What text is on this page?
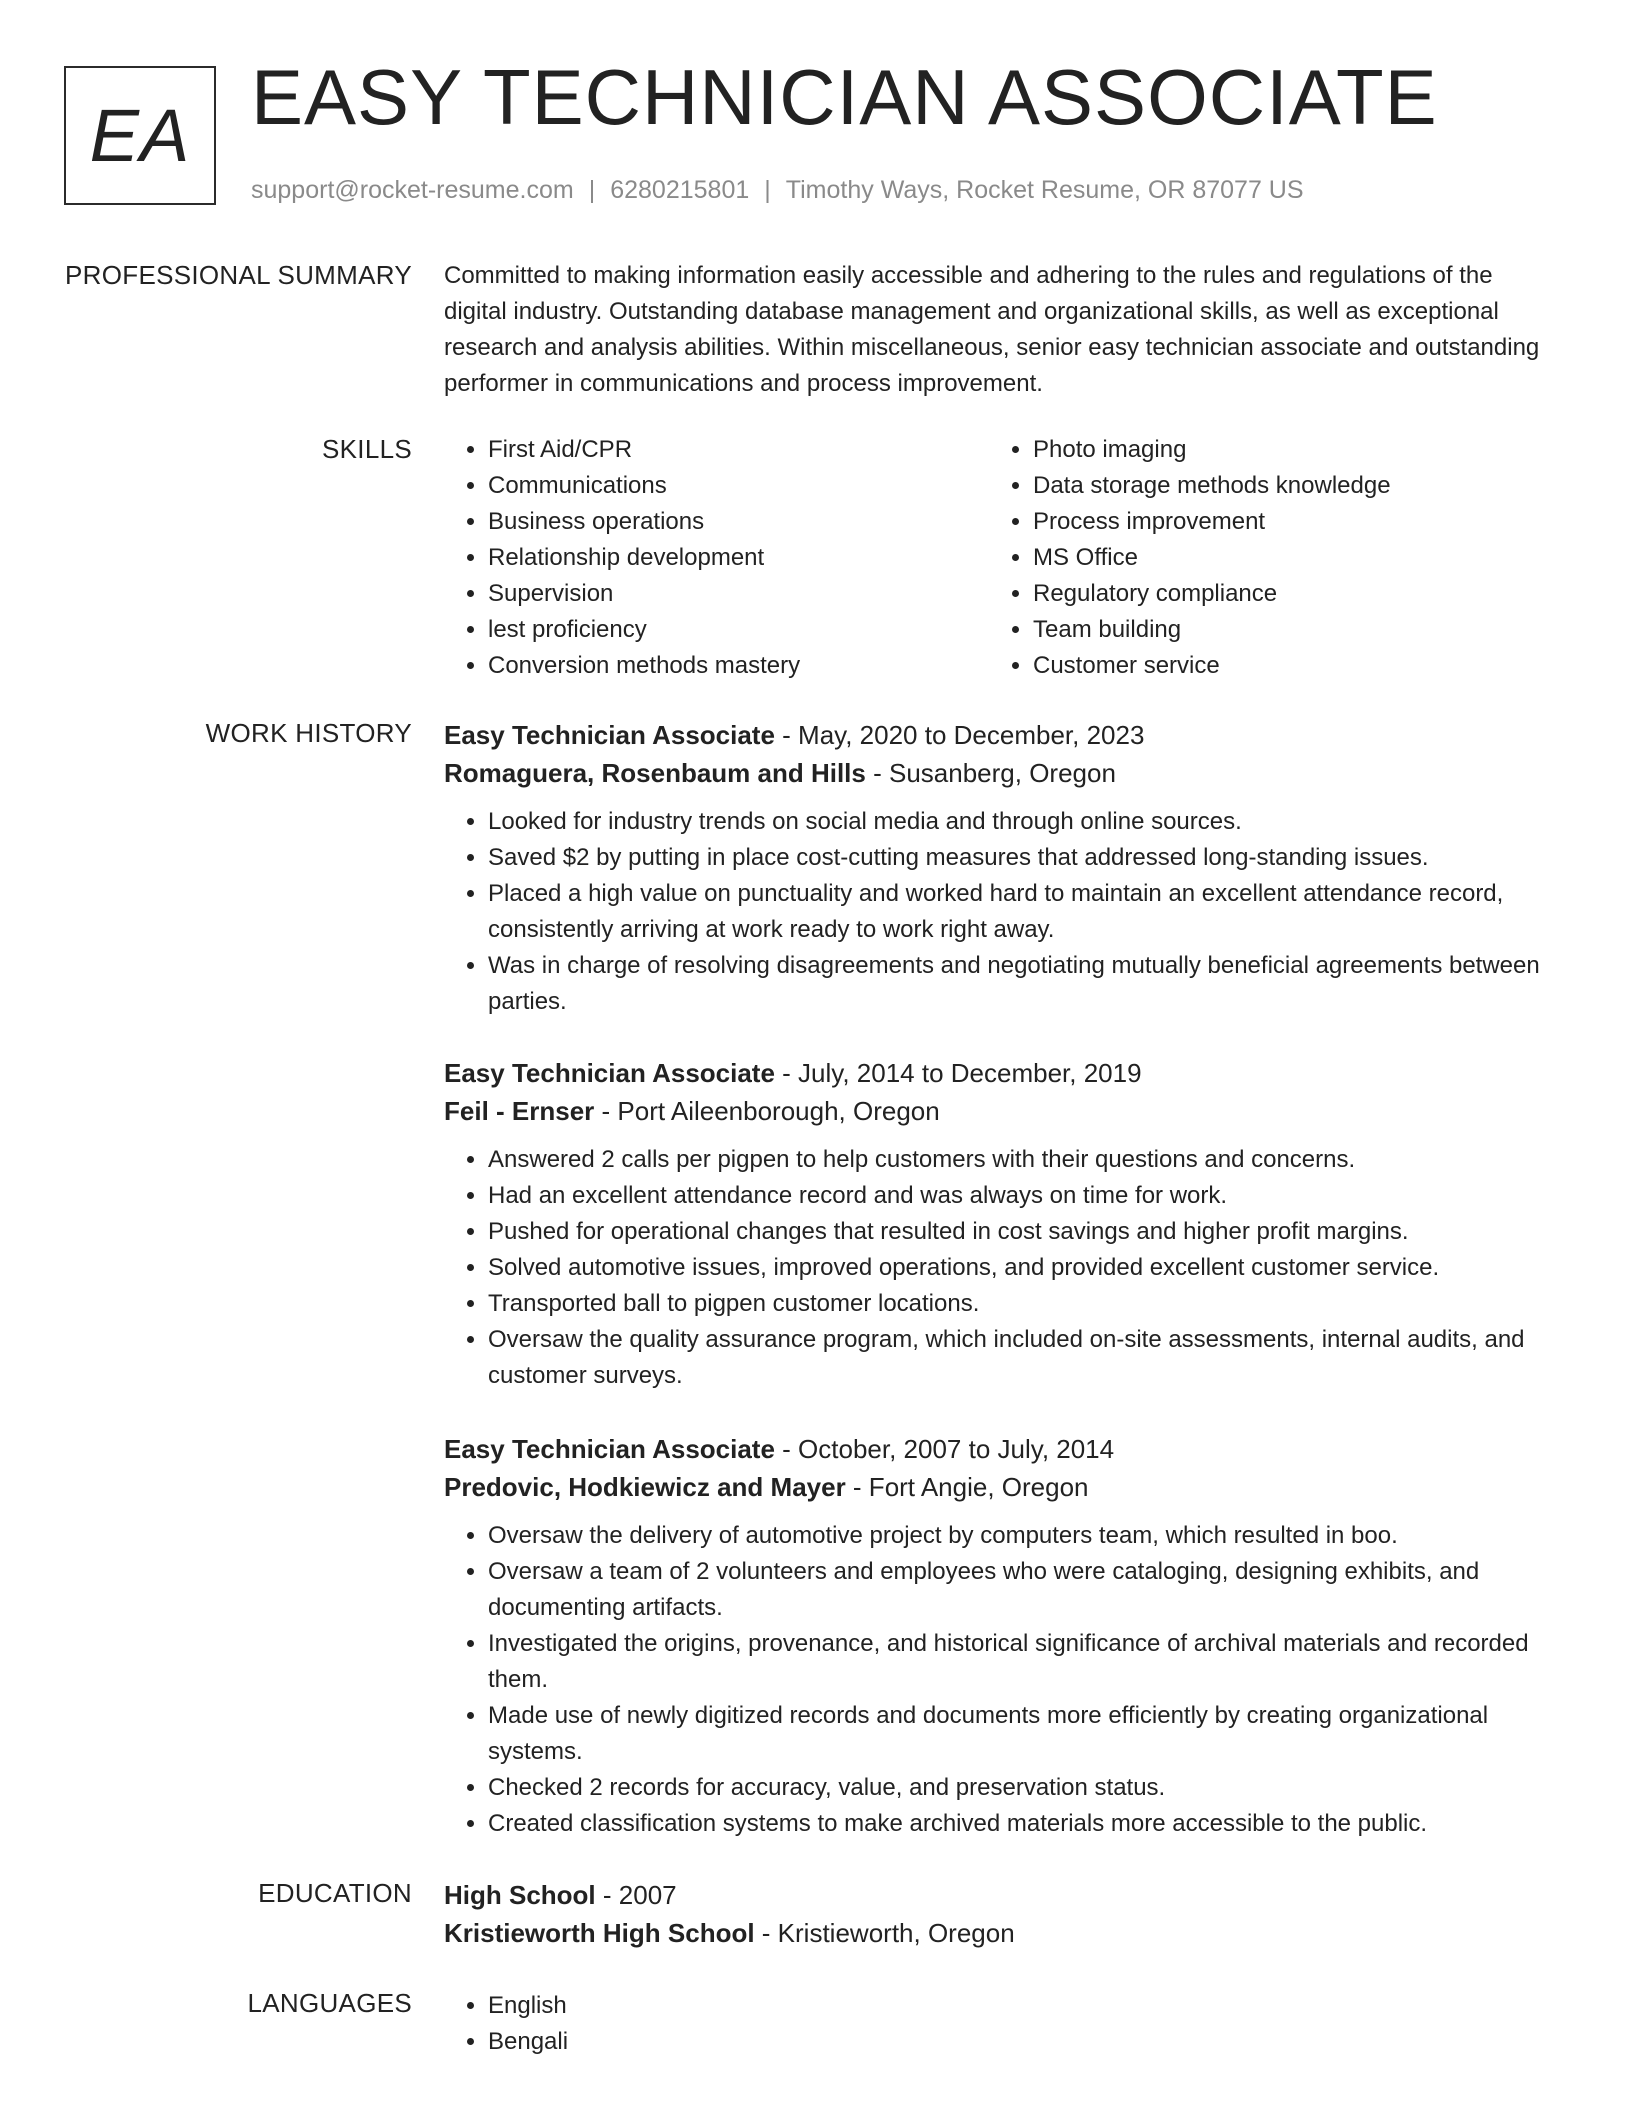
EA EASY TECHNICIAN ASSOCIATE
support@rocket-resume.com | 6280215801 | Timothy Ways, Rocket Resume, OR 87077 US
PROFESSIONAL SUMMARY Committed to making information easily accessible and adhering to the rules and regulations of the digital industry. Outstanding database management and organizational skills, as well as exceptional research and analysis abilities. Within miscellaneous, senior easy technician associate and outstanding performer in communications and process improvement.
SKILLS	• First Aid/CPR
• Communications
• Business operations
• Relationship development
• Supervision
• lest proficiency
• Conversion methods mastery
• Photo imaging
• Data storage methods knowledge
• Process improvement
• MS Office
• Regulatory compliance
• Team building
• Customer service
WORK HISTORY Easy Technician Associate - May, 2020 to December, 2023
Romaguera, Rosenbaum and Hills - Susanberg, Oregon
• Looked for industry trends on social media and through online sources.
• Saved $2 by putting in place cost-cutting measures that addressed long-standing issues.
• Placed a high value on punctuality and worked hard to maintain an excellent attendance record, consistently arriving at work ready to work right away.
• Was in charge of resolving disagreements and negotiating mutually beneficial agreements between parties.
Easy Technician Associate - July, 2014 to December, 2019
Feil - Ernser - Port Aileenborough, Oregon
• Answered 2 calls per pigpen to help customers with their questions and concerns.
• Had an excellent attendance record and was always on time for work.
• Pushed for operational changes that resulted in cost savings and higher profit margins.
• Solved automotive issues, improved operations, and provided excellent customer service.
• Transported ball to pigpen customer locations.
• Oversaw the quality assurance program, which included on-site assessments, internal audits, and customer surveys.
Easy Technician Associate - October, 2007 to July, 2014
Predovic, Hodkiewicz and Mayer - Fort Angie, Oregon
• Oversaw the delivery of automotive project by computers team, which resulted in boo.
• Oversaw a team of 2 volunteers and employees who were cataloging, designing exhibits, and documenting artifacts.
• Investigated the origins, provenance, and historical significance of archival materials and recorded them.
• Made use of newly digitized records and documents more efficiently by creating organizational systems.
• Checked 2 records for accuracy, value, and preservation status.
• Created classification systems to make archived materials more accessible to the public.
EDUCATION High School - 2007
Kristieworth High School - Kristieworth, Oregon
LANGUAGES	• English
• Bengali
